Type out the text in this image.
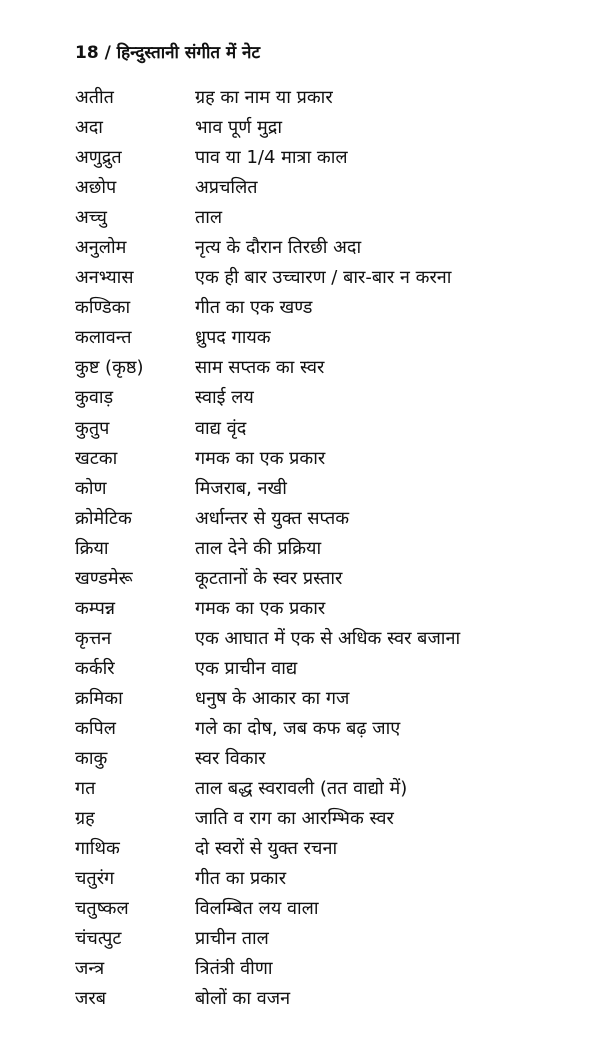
18 / हिन्दुस्तानी संगीत में नेट
अतीत	ग्रह का नाम या प्रकार
अदा	भाव पूर्ण मुद्रा
अणुद्रुत	पाव या 1/4 मात्रा काल
अछोप	अप्रचलित
अच्चु	ताल
अनुलोम	नृत्य के दौरान तिरछी अदा
अनभ्यास	एक ही बार उच्चारण / बार-बार न करना
कण्डिका	गीत का एक खण्ड
कलावन्त	ध्रुपद गायक
कुष्ट (कृष्ठ)	साम सप्तक का स्वर
कुवाड़	स्वाई लय
कुतुप	वाद्य वृंद
खटका	गमक का एक प्रकार
कोण	मिजराब, नखी
क्रोमेटिक	अर्धान्तर से युक्त सप्तक
क्रिया	ताल देने की प्रक्रिया
खण्डमेरू	कूटतानों के स्वर प्रस्तार
कम्पन्न	गमक का एक प्रकार
कृत्तन	एक आघात में एक से अधिक स्वर बजाना
कर्करि	एक प्राचीन वाद्य
क्रमिका	धनुष के आकार का गज
कपिल	गले का दोष, जब कफ बढ़ जाए
काकु	स्वर विकार
गत	ताल बद्ध स्वरावली (तत वाद्यो में)
ग्रह	जाति व राग का आरम्भिक स्वर
गाथिक	दो स्वरों से युक्त रचना
चतुरंग	गीत का प्रकार
चतुष्कल	विलम्बित लय वाला
चंचत्पुट	प्राचीन ताल
जन्त्र	त्रितंत्री वीणा
जरब	बोलों का वजन
